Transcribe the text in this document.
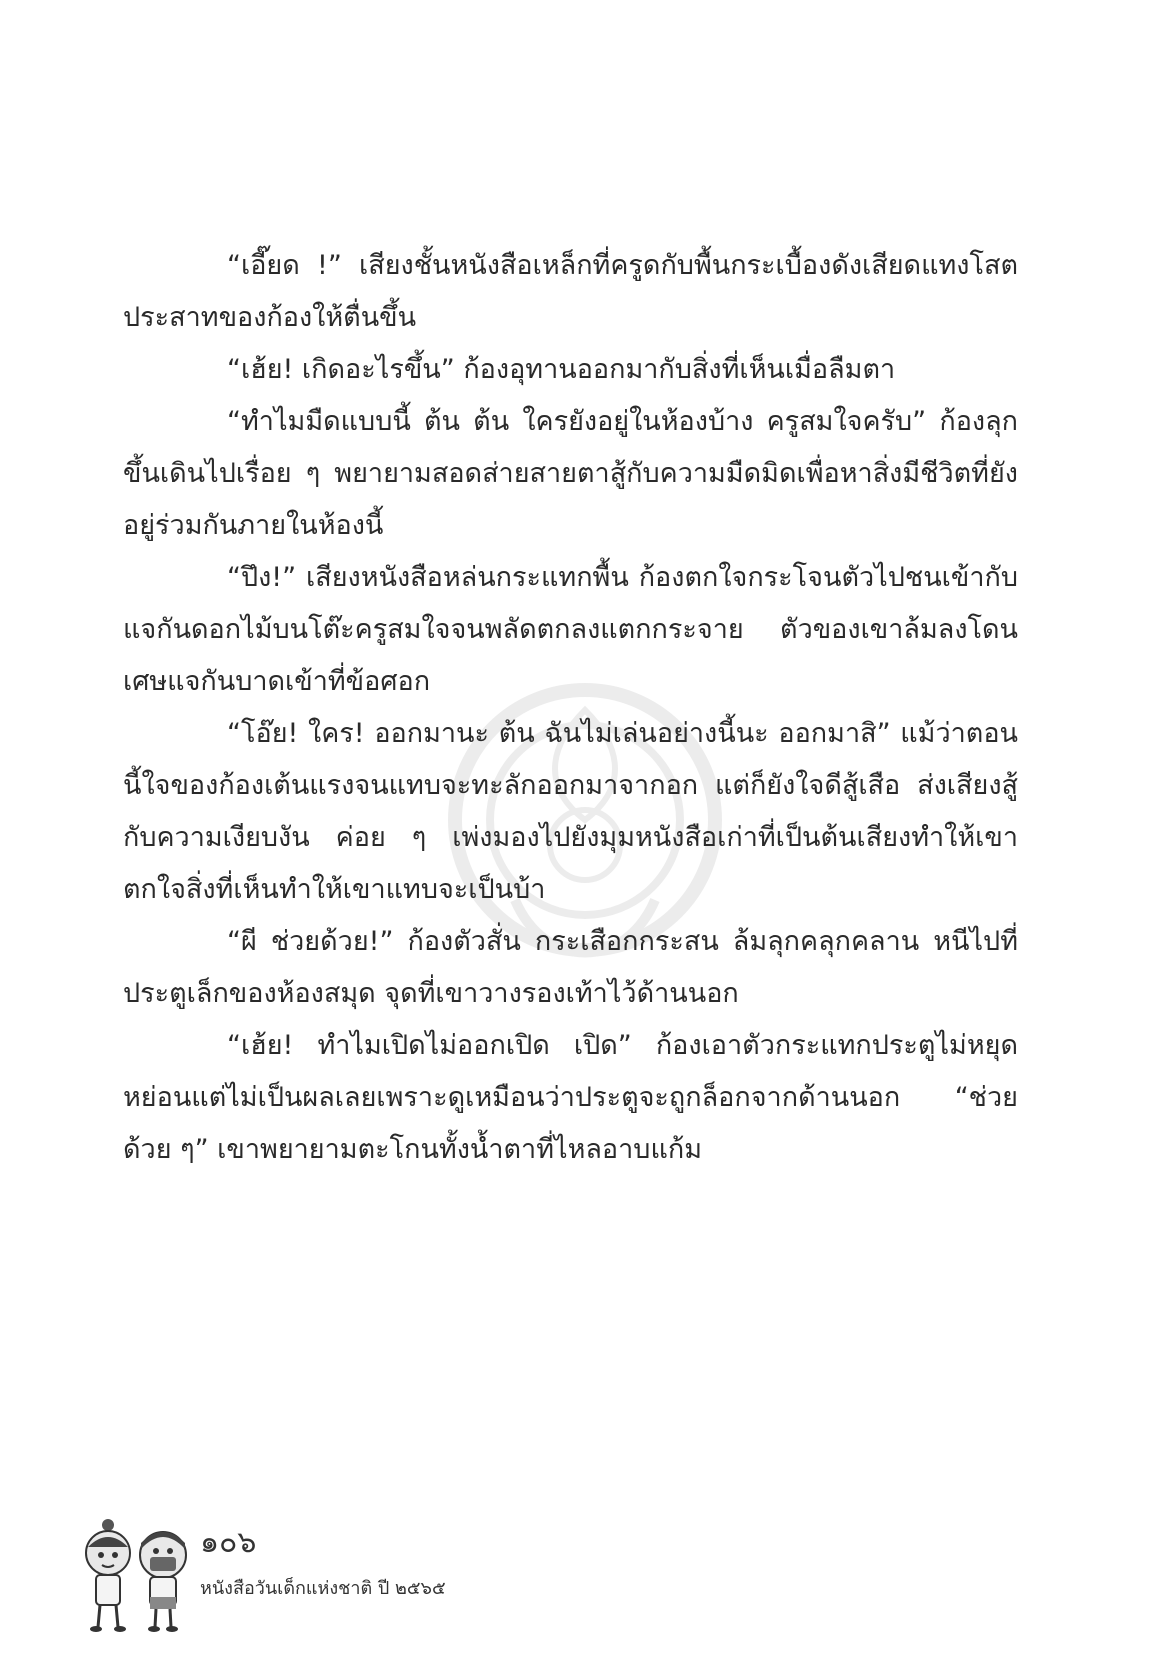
“เอี๊ยด !” เสียงชั้นหนังสือเหล็กที่ครูดกับพื้นกระเบื้องดังเสียดแทงโสตประสาทของก้องให้ตื่นขึ้น

“เฮ้ย! เกิดอะไรขึ้น” ก้องอุทานออกมากับสิ่งที่เห็นเมื่อลืมตา

“ทำไมมืดแบบนี้ ต้น ต้น ใครยังอยู่ในห้องบ้าง ครูสมใจครับ” ก้องลุกขึ้นเดินไปเรื่อย ๆ พยายามสอดส่ายสายตาสู้กับความมืดมิดเพื่อหาสิ่งมีชีวิตที่ยังอยู่ร่วมกันภายในห้องนี้

“ปึง!” เสียงหนังสือหล่นกระแทกพื้น ก้องตกใจกระโจนตัวไปชนเข้ากับแจกันดอกไม้บนโต๊ะครูสมใจจนพลัดตกลงแตกกระจาย ตัวของเขาล้มลงโดนเศษแจกันบาดเข้าที่ข้อศอก

“โอ๊ย! ใคร! ออกมานะ ต้น ฉันไม่เล่นอย่างนี้นะ ออกมาสิ” แม้ว่าตอนนี้ใจของก้องเต้นแรงจนแทบจะทะลักออกมาจากอก แต่ก็ยังใจดีสู้เสือ ส่งเสียงสู้กับความเงียบงัน ค่อย ๆ เพ่งมองไปยังมุมหนังสือเก่าที่เป็นต้นเสียงทำให้เขาตกใจสิ่งที่เห็นทำให้เขาแทบจะเป็นบ้า

“ผี ช่วยด้วย!” ก้องตัวสั่น กระเสือกกระสน ล้มลุกคลุกคลาน หนีไปที่ประตูเล็กของห้องสมุด จุดที่เขาวางรองเท้าไว้ด้านนอก

“เฮ้ย! ทำไมเปิดไม่ออกเปิด เปิด” ก้องเอาตัวกระแทกประตูไม่หยุดหย่อนแต่ไม่เป็นผลเลยเพราะดูเหมือนว่าประตูจะถูกล็อกจากด้านนอก “ช่วยด้วย ๆ” เขาพยายามตะโกนทั้งน้ำตาที่ไหลอาบแก้ม

๑๐๖
หนังสือวันเด็กแห่งชาติ ปี ๒๕๖๕
